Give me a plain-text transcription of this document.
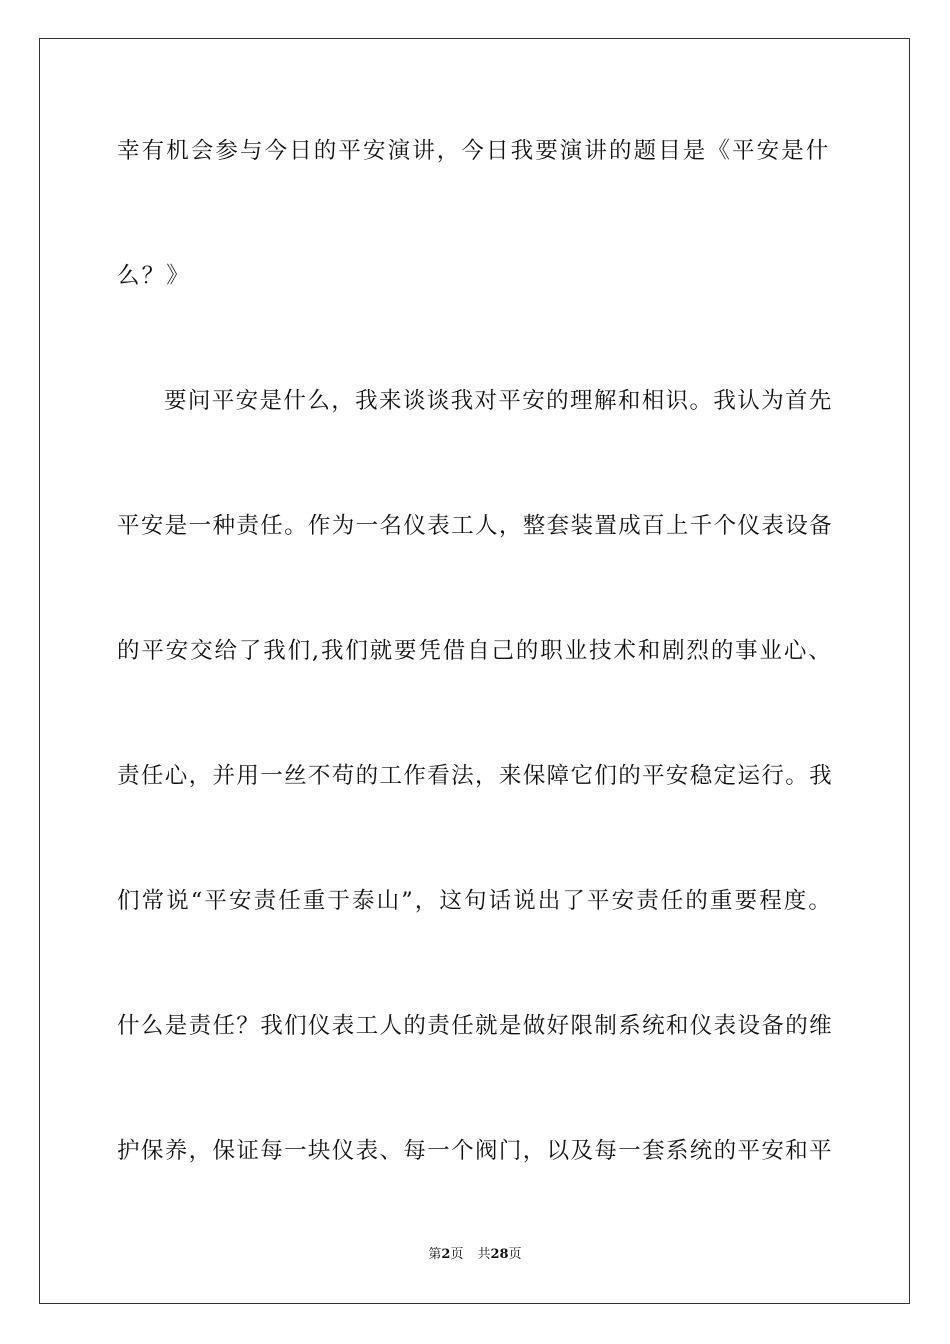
幸有机会参与今日的平安演讲，今日我要演讲的题目是《平安是什
么？》
要问平安是什么，我来谈谈我对平安的理解和相识。我认为首先
平安是一种责任。作为一名仪表工人，整套装置成百上千个仪表设备
的平安交给了我们,我们就要凭借自己的职业技术和剧烈的事业心、
责任心，并用一丝不苟的工作看法，来保障它们的平安稳定运行。我
们常说“平安责任重于泰山”，这句话说出了平安责任的重要程度。
什么是责任？我们仪表工人的责任就是做好限制系统和仪表设备的维
护保养，保证每一块仪表、每一个阀门，以及每一套系统的平安和平
第2页 共28页
